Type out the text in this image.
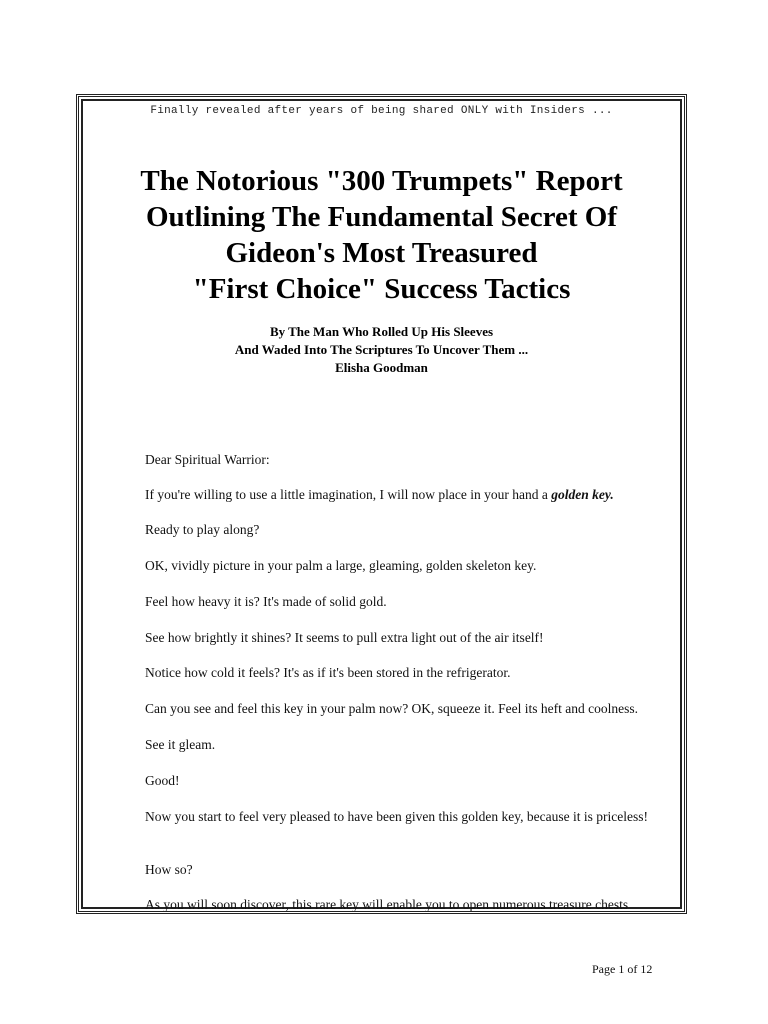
Finally revealed after years of being shared ONLY with Insiders ...
The Notorious "300 Trumpets" Report
Outlining The Fundamental Secret Of
Gideon's Most Treasured
"First Choice" Success Tactics
By The Man Who Rolled Up His Sleeves
And Waded Into The Scriptures To Uncover Them ...
Elisha Goodman
Dear Spiritual Warrior:
If you're willing to use a little imagination, I will now place in your hand a golden key.
Ready to play along?
OK, vividly picture in your palm a large, gleaming, golden skeleton key.
Feel how heavy it is? It's made of solid gold.
See how brightly it shines? It seems to pull extra light out of the air itself!
Notice how cold it feels? It's as if it's been stored in the refrigerator.
Can you see and feel this key in your palm now? OK, squeeze it. Feel its heft and coolness.
See it gleam.
Good!
Now you start to feel very pleased to have been given this golden key, because it is priceless!
How so?
As you will soon discover, this rare key will enable you to open numerous treasure chests
Page 1 of 12
